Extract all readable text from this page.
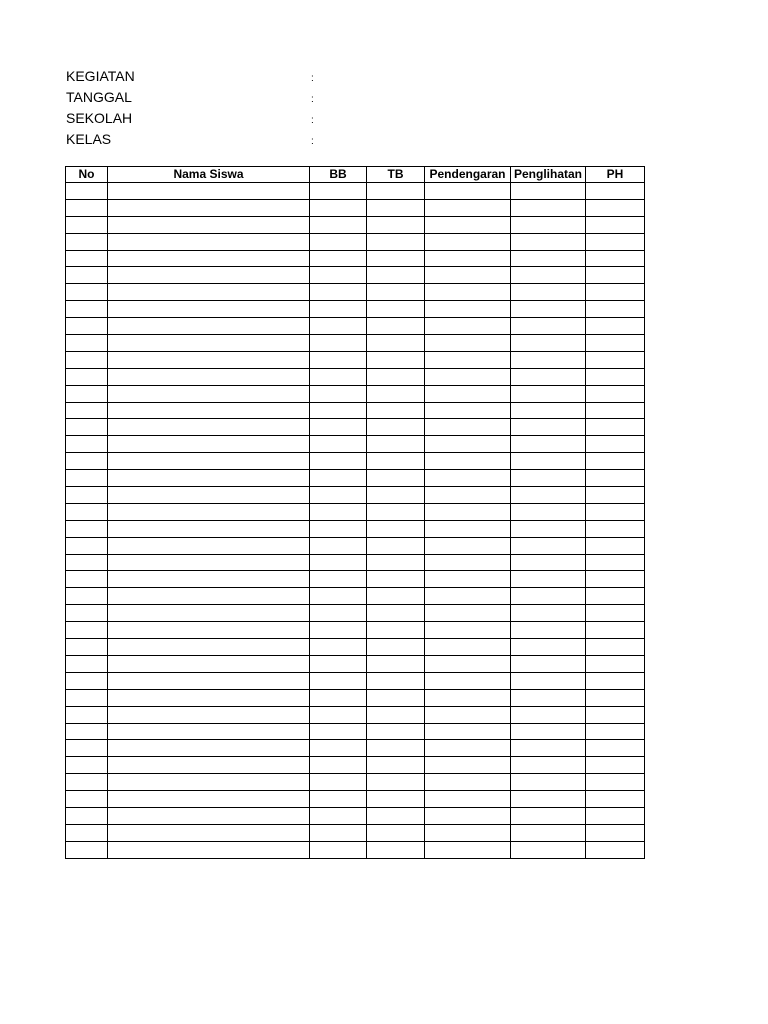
KEGIATAN	:
TANGGAL	:
SEKOLAH	:
KELAS	:
No	Nama Siswa	BB	TB	Pendengaran	Penglihatan	PH
